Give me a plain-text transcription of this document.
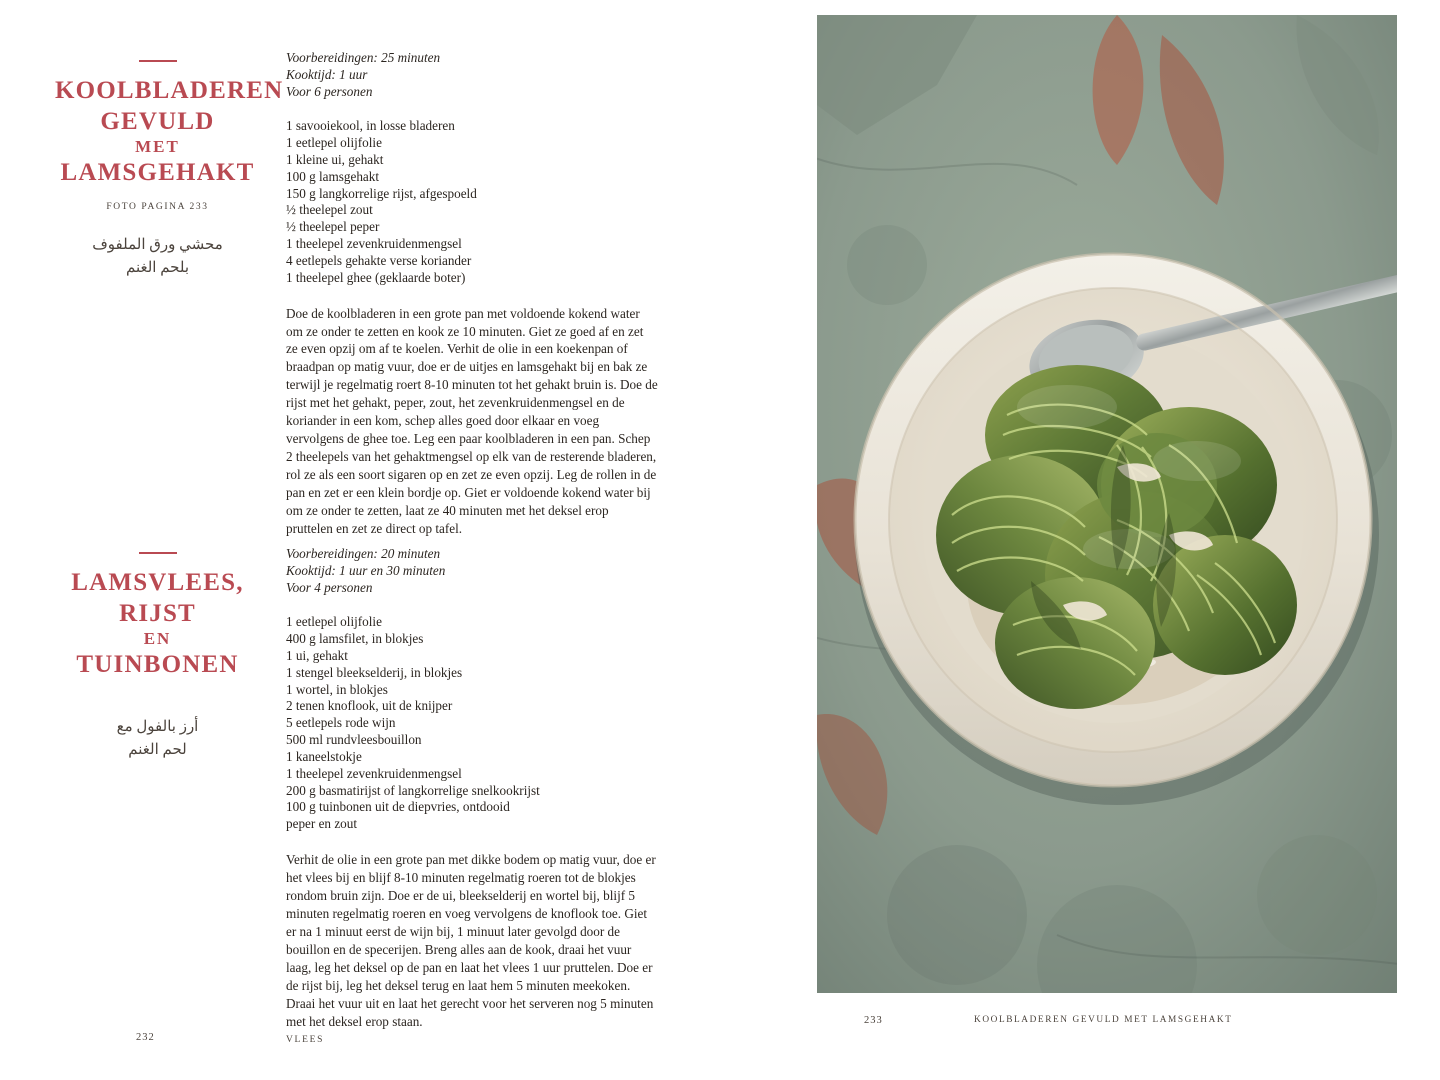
KOOLBLADEREN
GEVULD
MET
LAMSGEHAKT
FOTO PAGINA 233
محشي ورق الملفوف
بلحم الغنم
LAMSVLEES,
RIJST
EN
TUINBONEN
أرز بالفول مع
لحم الغنم
Voorbereidingen: 25 minuten
Kooktijd: 1 uur
Voor 6 personen
1 savooiekool, in losse bladeren
1 eetlepel olijfolie
1 kleine ui, gehakt
100 g lamsgehakt
150 g langkorrelige rijst, afgespoeld
½ theelepel zout
½ theelepel peper
1 theelepel zevenkruidenmengsel
4 eetlepels gehakte verse koriander
1 theelepel ghee (geklaarde boter)
Doe de koolbladeren in een grote pan met voldoende kokend water om ze onder te zetten en kook ze 10 minuten. Giet ze goed af en zet ze even opzij om af te koelen. Verhit de olie in een koekenpan of braadpan op matig vuur, doe er de uitjes en lamsgehakt bij en bak ze terwijl je regelmatig roert 8-10 minuten tot het gehakt bruin is. Doe de rijst met het gehakt, peper, zout, het zevenkruidenmengsel en de koriander in een kom, schep alles goed door elkaar en voeg vervolgens de ghee toe. Leg een paar koolbladeren in een pan. Schep 2 theelepels van het gehaktmengsel op elk van de resterende bladeren, rol ze als een soort sigaren op en zet ze even opzij. Leg de rollen in de pan en zet er een klein bordje op. Giet er voldoende kokend water bij om ze onder te zetten, laat ze 40 minuten met het deksel erop pruttelen en zet ze direct op tafel.
Voorbereidingen: 20 minuten
Kooktijd: 1 uur en 30 minuten
Voor 4 personen
1 eetlepel olijfolie
400 g lamsfilet, in blokjes
1 ui, gehakt
1 stengel bleekselderij, in blokjes
1 wortel, in blokjes
2 tenen knoflook, uit de knijper
5 eetlepels rode wijn
500 ml rundvleesbouillon
1 kaneelstokje
1 theelepel zevenkruidenmengsel
200 g basmatirijst of langkorrelige snelkookrijst
100 g tuinbonen uit de diepvries, ontdooid
peper en zout
Verhit de olie in een grote pan met dikke bodem op matig vuur, doe er het vlees bij en blijf 8-10 minuten regelmatig roeren tot de blokjes rondom bruin zijn. Doe er de ui, bleekselderij en wortel bij, blijf 5 minuten regelmatig roeren en voeg vervolgens de knoflook toe. Giet er na 1 minuut eerst de wijn bij, 1 minuut later gevolgd door de bouillon en de specerijen. Breng alles aan de kook, draai het vuur laag, leg het deksel op de pan en laat het vlees 1 uur pruttelen. Doe er de rijst bij, leg het deksel terug en laat hem 5 minuten meekoken. Draai het vuur uit en laat het gerecht voor het serveren nog 5 minuten met het deksel erop staan.
232	VLEES
233	KOOLBLADEREN GEVULD MET LAMSGEHAKT
